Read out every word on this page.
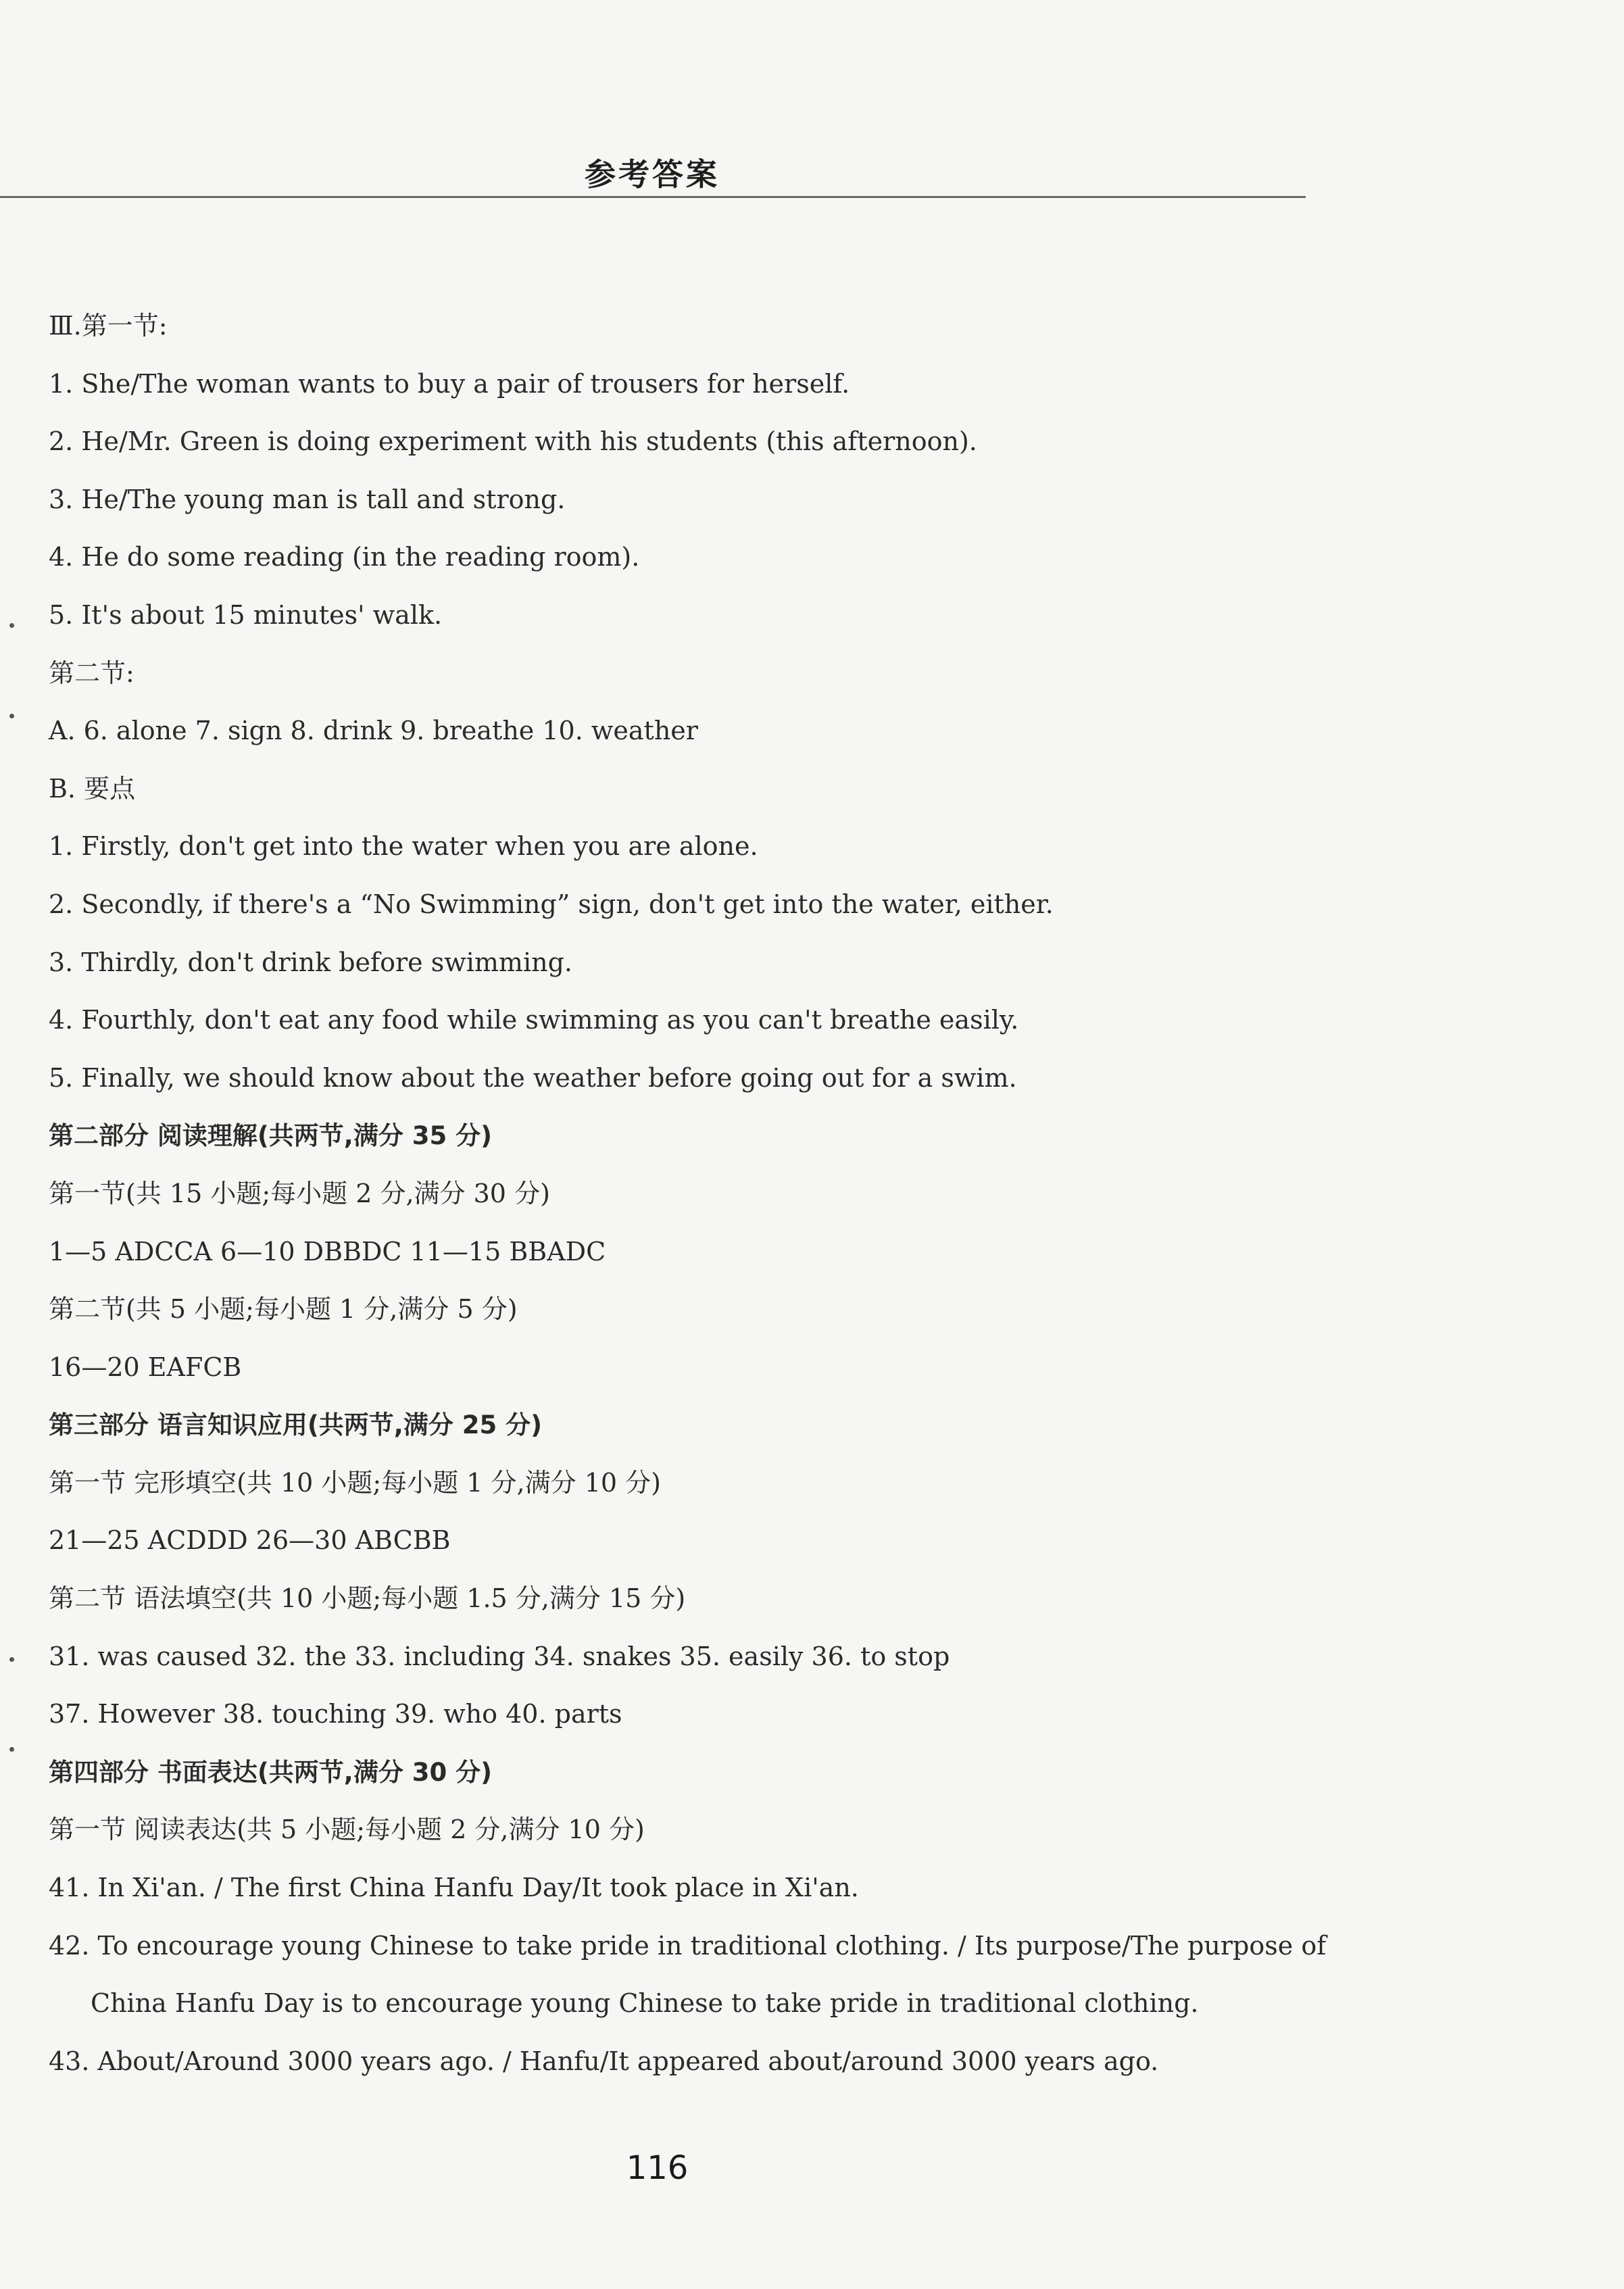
参考答案
Ⅲ.第一节:
1. She/The woman wants to buy a pair of trousers for herself.
2. He/Mr. Green is doing experiment with his students (this afternoon).
3. He/The young man is tall and strong.
4. He do some reading (in the reading room).
5. It's about 15 minutes' walk.
第二节:
A. 6. alone 7. sign 8. drink 9. breathe 10. weather
B. 要点
1. Firstly, don't get into the water when you are alone.
2. Secondly, if there's a “No Swimming” sign, don't get into the water, either.
3. Thirdly, don't drink before swimming.
4. Fourthly, don't eat any food while swimming as you can't breathe easily.
5. Finally, we should know about the weather before going out for a swim.
第二部分 阅读理解(共两节,满分 35 分)
第一节(共 15 小题;每小题 2 分,满分 30 分)
1—5 ADCCA 6—10 DBBDC 11—15 BBADC
第二节(共 5 小题;每小题 1 分,满分 5 分)
16—20 EAFCB
第三部分 语言知识应用(共两节,满分 25 分)
第一节 完形填空(共 10 小题;每小题 1 分,满分 10 分)
21—25 ACDDD 26—30 ABCBB
第二节 语法填空(共 10 小题;每小题 1.5 分,满分 15 分)
31. was caused 32. the 33. including 34. snakes 35. easily 36. to stop
37. However 38. touching 39. who 40. parts
第四部分 书面表达(共两节,满分 30 分)
第一节 阅读表达(共 5 小题;每小题 2 分,满分 10 分)
41. In Xi'an. / The first China Hanfu Day/It took place in Xi'an.
42. To encourage young Chinese to take pride in traditional clothing. / Its purpose/The purpose of
China Hanfu Day is to encourage young Chinese to take pride in traditional clothing.
43. About/Around 3000 years ago. / Hanfu/It appeared about/around 3000 years ago.
116
